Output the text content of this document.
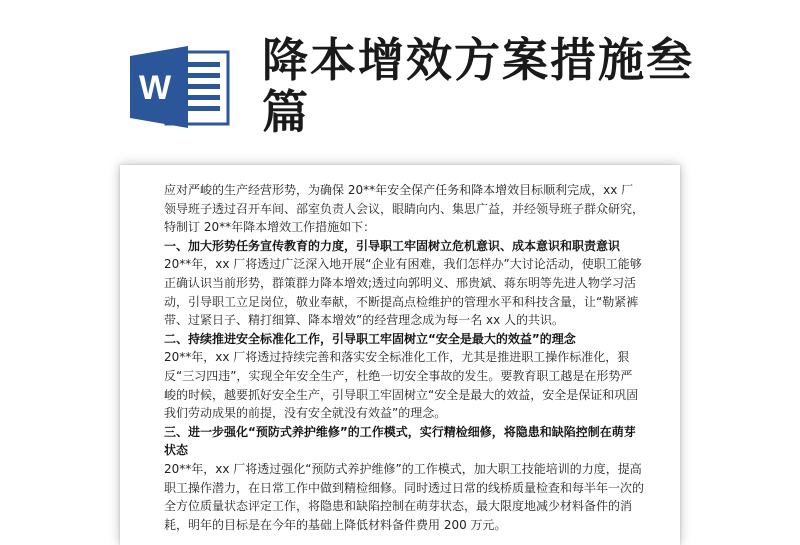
W
降本增效方案措施叁篇

应对严峻的生产经营形势，为确保 20**年安全保产任务和降本增效目标顺利完成，xx 厂领导班子透过召开车间、部室负责人会议，眼睛向内、集思广益，并经领导班子群众研究，特制订 20**年降本增效工作措施如下：

一、加大形势任务宣传教育的力度，引导职工牢固树立危机意识、成本意识和职责意识

20**年，xx 厂将透过广泛深入地开展“企业有困难，我们怎样办”大讨论活动，使职工能够正确认识当前形势，群策群力降本增效;透过向郭明义、邢贵斌、蒋东明等先进人物学习活动，引导职工立足岗位，敬业奉献，不断提高点检维护的管理水平和科技含量，让“勒紧裤带、过紧日子、精打细算、降本增效”的经营理念成为每一名 xx 人的共识。

二、持续推进安全标准化工作，引导职工牢固树立“安全是最大的效益”的理念

20**年，xx 厂将透过持续完善和落实安全标准化工作，尤其是推进职工操作标准化，狠反“三习四违”，实现全年安全生产，杜绝一切安全事故的发生。要教育职工越是在形势严峻的时候，越要抓好安全生产，引导职工牢固树立“安全是最大的效益，安全是保证和巩固我们劳动成果的前提，没有安全就没有效益”的理念。

三、进一步强化“预防式养护维修”的工作模式，实行精检细修，将隐患和缺陷控制在萌芽状态

20**年，xx 厂将透过强化“预防式养护维修”的工作模式，加大职工技能培训的力度，提高职工操作潜力，在日常工作中做到精检细修。同时透过日常的线桥质量检查和每半年一次的全方位质量状态评定工作，将隐患和缺陷控制在萌芽状态，最大限度地减少材料备件的消耗，明年的目标是在今年的基础上降低材料备件费用 200 万元。
